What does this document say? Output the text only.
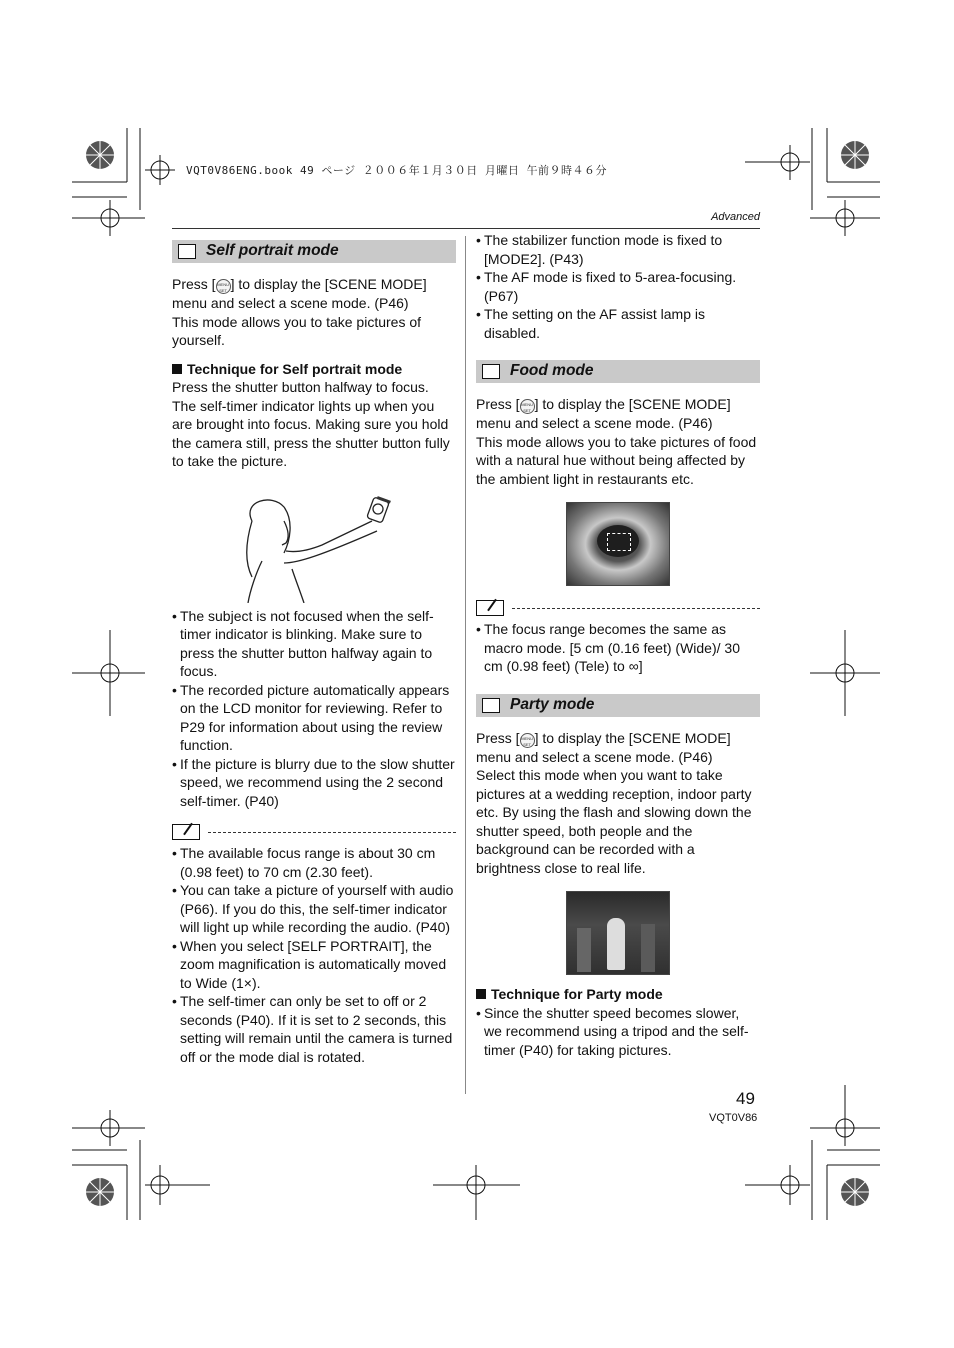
VQT0V86ENG.book 49 ページ ２００６年１月３０日 月曜日 午前９時４６分
Advanced
Self portrait mode

Press [ MENU SET ] to display the [SCENE MODE] menu and select a scene mode. (P46)

This mode allows you to take pictures of yourself.

Technique for Self portrait mode

Press the shutter button halfway to focus. The self-timer indicator lights up when you are brought into focus. Making sure you hold the camera still, press the shutter button fully to take the picture.

• The subject is not focused when the self-timer indicator is blinking. Make sure to press the shutter button halfway again to focus.
• The recorded picture automatically appears on the LCD monitor for reviewing. Refer to P29 for information about using the review function.
• If the picture is blurry due to the slow shutter speed, we recommend using the 2 second self-timer. (P40)
• The available focus range is about 30 cm (0.98 feet) to 70 cm (2.30 feet).
• You can take a picture of yourself with audio (P66). If you do this, the self-timer indicator will light up while recording the audio. (P40)
• When you select [SELF PORTRAIT], the zoom magnification is automatically moved to Wide (1×).
• The self-timer can only be set to off or 2 seconds (P40). If it is set to 2 seconds, this setting will remain until the camera is turned off or the mode dial is rotated.
• The stabilizer function mode is fixed to [MODE2]. (P43)
• The AF mode is fixed to 5-area-focusing. (P67)
• The setting on the AF assist lamp is disabled.
Food mode

Press [ MENU SET ] to display the [SCENE MODE] menu and select a scene mode. (P46)

This mode allows you to take pictures of food with a natural hue without being affected by the ambient light in restaurants etc.

• The focus range becomes the same as macro mode. [5 cm (0.16 feet) (Wide)/ 30 cm (0.98 feet) (Tele) to ∞]
Party mode

Press [ MENU SET ] to display the [SCENE MODE] menu and select a scene mode. (P46)

Select this mode when you want to take pictures at a wedding reception, indoor party etc. By using the flash and slowing down the shutter speed, both people and the background can be recorded with a brightness close to real life.

Technique for Party mode

• Since the shutter speed becomes slower, we recommend using a tripod and the self-timer (P40) for taking pictures.
49
VQT0V86
